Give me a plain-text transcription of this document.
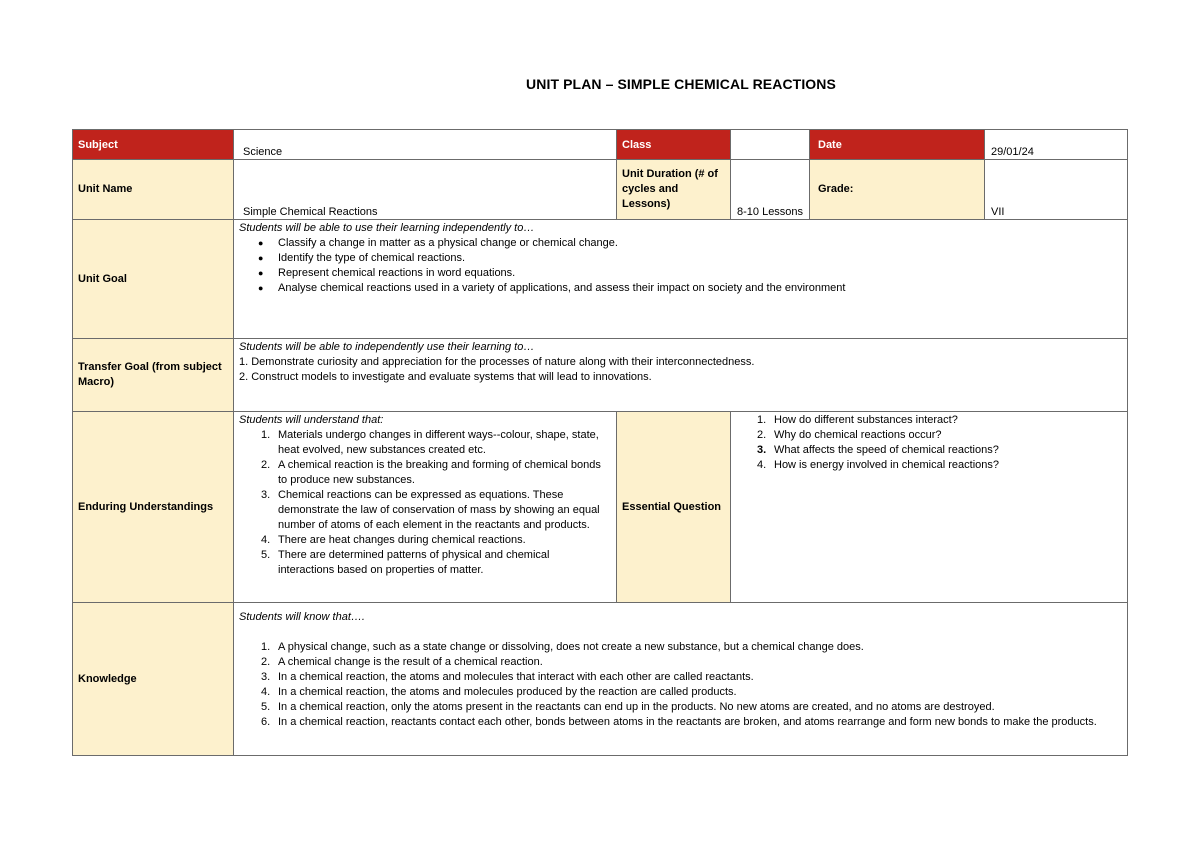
UNIT PLAN – SIMPLE CHEMICAL REACTIONS
Subject
Science
Class	Date
29/01/24
Unit Name
Simple Chemical Reactions
Unit Duration (# of cycles and Lessons)
8-10 Lessons
Grade:
VII
Unit Goal
Students will be able to use their learning independently to…
● Classify a change in matter as a physical change or chemical change.
● Identify the type of chemical reactions.
● Represent chemical reactions in word equations.
● Analyse chemical reactions used in a variety of applications, and assess their impact on society and the environment
Transfer Goal (from subject Macro)
Students will be able to independently use their learning to…

1. Demonstrate curiosity and appreciation for the processes of nature along with their interconnectedness.

2. Construct models to investigate and evaluate systems that will lead to innovations.

Enduring Understandings
Students will understand that:
1. Materials undergo changes in different ways--colour, shape, state, heat evolved, new substances created etc.
2. A chemical reaction is the breaking and forming of chemical bonds to produce new substances.
3. Chemical reactions can be expressed as equations. These demonstrate the law of conservation of mass by showing an equal number of atoms of each element in the reactants and products.
4. There are heat changes during chemical reactions.
5. There are determined patterns of physical and chemical interactions based on properties of matter.
Essential Question
1. How do different substances interact?
2. Why do chemical reactions occur?
3. What affects the speed of chemical reactions?
4. How is energy involved in chemical reactions?
Knowledge
Students will know that….
1. A physical change, such as a state change or dissolving, does not create a new substance, but a chemical change does.
2. A chemical change is the result of a chemical reaction.
3. In a chemical reaction, the atoms and molecules that interact with each other are called reactants.
4. In a chemical reaction, the atoms and molecules produced by the reaction are called products.
5. In a chemical reaction, only the atoms present in the reactants can end up in the products. No new atoms are created, and no atoms are destroyed.
6. In a chemical reaction, reactants contact each other, bonds between atoms in the reactants are broken, and atoms rearrange and form new bonds to make the products.
